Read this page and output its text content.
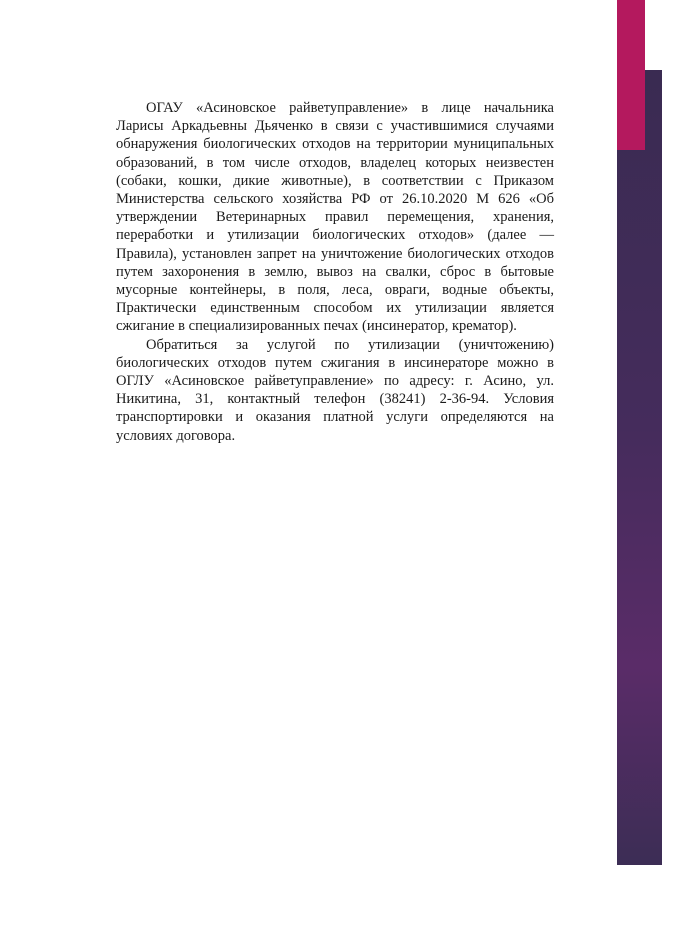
ОГАУ «Асиновское райветуправление» в лице начальника Ларисы Аркадьевны Дьяченко в связи с участившимися случаями обнаружения биологических отходов на территории муниципальных образований, в том числе отходов, владелец которых неизвестен (собаки, кошки, дикие животные), в соответствии с Приказом Министерства сельского хозяйства РФ от 26.10.2020 М 626 «Об утверждении Ветеринарных правил перемещения, хранения, переработки и утилизации биологических отходов» (далее — Правила), установлен запрет на уничтожение биологических отходов путем захоронения в землю, вывоз на свалки, сброс в бытовые мусорные контейнеры, в поля, леса, овраги, водные объекты, Практически единственным способом их утилизации является сжигание в специализированных печах (инсинератор, крематор).

Обратиться за услугой по утилизации (уничтожению) биологических отходов путем сжигания в инсинераторе можно в ОГЛУ «Асиновское райветуправление» по адресу: г. Асино, ул. Никитина, 31, контактный телефон (38241) 2-36-94. Условия транспортировки и оказания платной услуги определяются на условиях договора.
